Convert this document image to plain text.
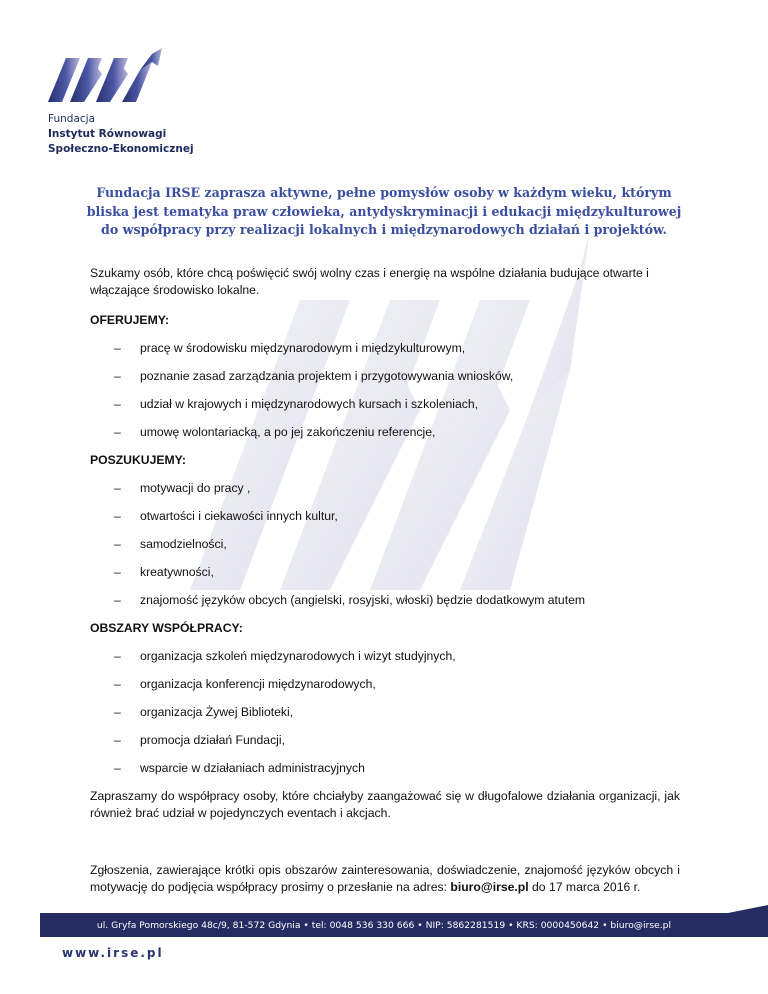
Fundacja
Instytut Równowagi
Społeczno-Ekonomicznej
Fundacja IRSE zaprasza aktywne, pełne pomysłów osoby w każdym wieku, którym bliska jest tematyka praw człowieka, antydyskryminacji i edukacji międzykulturowej do współpracy przy realizacji lokalnych i międzynarodowych działań i projektów.

Szukamy osób, które chcą poświęcić swój wolny czas i energię na wspólne działania budujące otwarte i włączające środowisko lokalne.

OFERUJEMY:
– pracę w środowisku międzynarodowym i międzykulturowym,
– poznanie zasad zarządzania projektem i przygotowywania wniosków,
– udział w krajowych i międzynarodowych kursach i szkoleniach,
– umowę wolontariacką, a po jej zakończeniu referencje,
POSZUKUJEMY:
– motywacji do pracy ,
– otwartości i ciekawości innych kultur,
– samodzielności,
– kreatywności,
– znajomość języków obcych (angielski, rosyjski, włoski) będzie dodatkowym atutem
OBSZARY WSPÓŁPRACY:
– organizacja szkoleń międzynarodowych i wizyt studyjnych,
– organizacja konferencji międzynarodowych,
– organizacja Żywej Biblioteki,
– promocja działań Fundacji,
– wsparcie w działaniach administracyjnych

Zapraszamy do współpracy osoby, które chciałyby zaangażować się w długofalowe działania organizacji, jak również brać udział w pojedynczych eventach i akcjach.

Zgłoszenia, zawierające krótki opis obszarów zainteresowania, doświadczenie, znajomość języków obcych i motywację do podjęcia współpracy prosimy o przesłanie na adres: biuro@irse.pl do 17 marca 2016 r.

ul. Gryfa Pomorskiego 48c/9, 81-572 Gdynia • tel: 0048 536 330 666 • NIP: 5862281519 • KRS: 0000450642 • biuro@irse.pl
www.irse.pl
